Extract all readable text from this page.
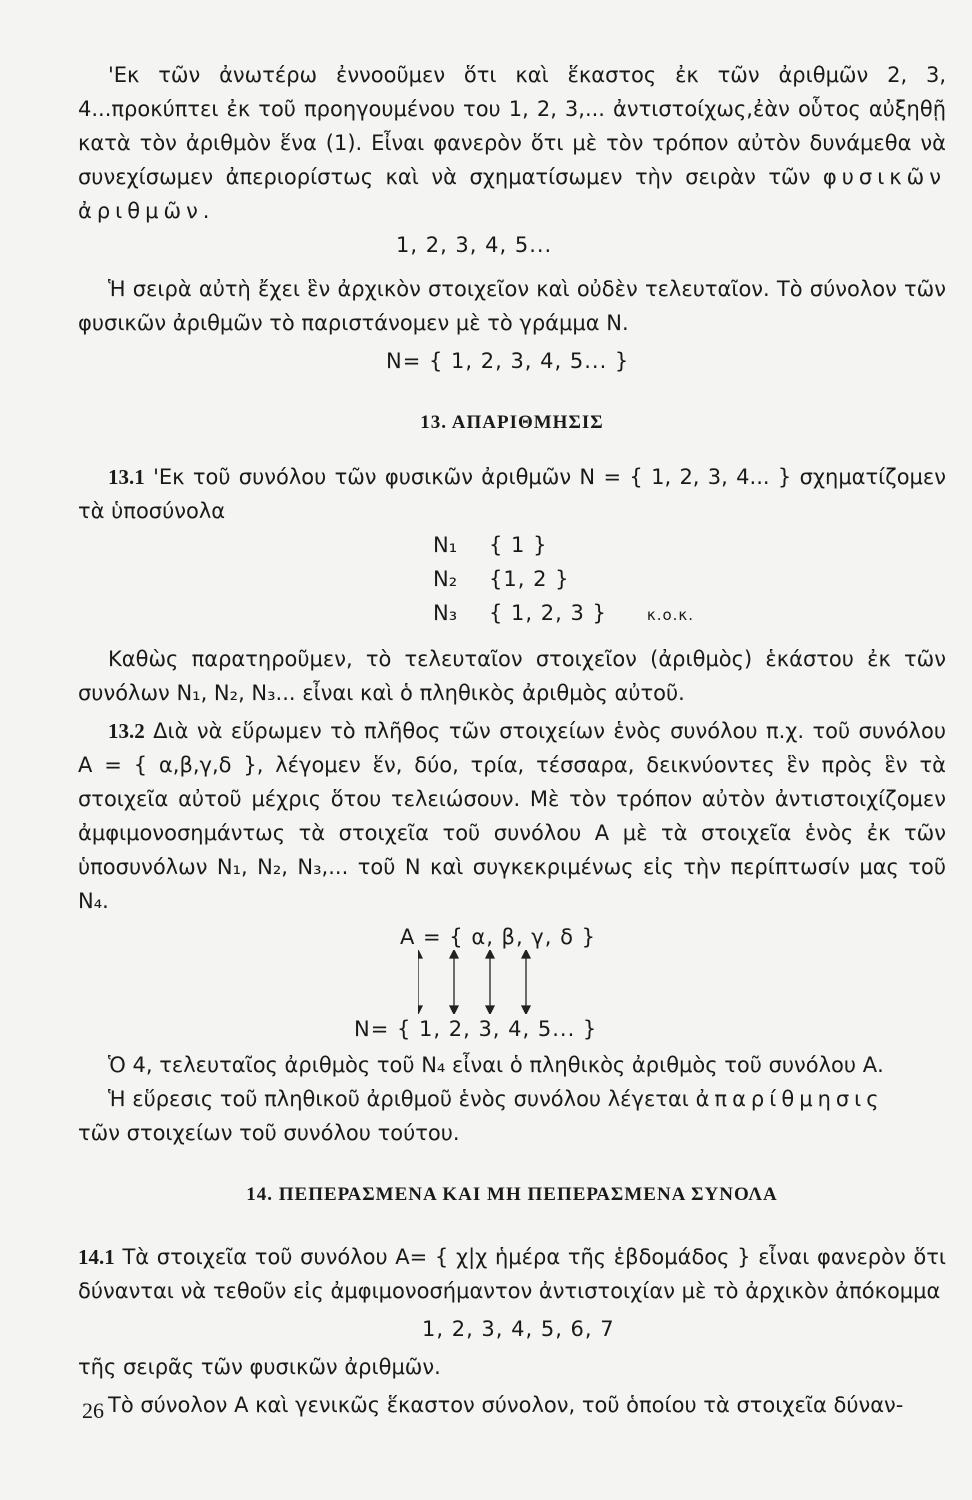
'Εκ τῶν ἀνωτέρω ἐννοοῦμεν ὅτι καὶ ἕκαστος ἐκ τῶν ἀριθμῶν 2, 3, 4...προκύπτει ἐκ τοῦ προηγουμένου του 1, 2, 3,... ἀντιστοίχως,ἐὰν οὗτος αὐξηθῇ κατὰ τὸν ἀριθμὸν ἕνα (1). Εἶναι φανερὸν ὅτι μὲ τὸν τρόπον αὐτὸν δυνάμεθα νὰ συνεχίσωμεν ἀπεριορίστως καὶ νὰ σχηματίσωμεν τὴν σειρὰν τῶν φυσικῶν ἀριθμῶν.

1, 2, 3, 4, 5...

Ἡ σειρὰ αὐτὴ ἔχει ἓν ἀρχικὸν στοιχεῖον καὶ οὐδὲν τελευταῖον. Τὸ σύνολον τῶν φυσικῶν ἀριθμῶν τὸ παριστάνομεν μὲ τὸ γράμμα Ν.

Ν= { 1, 2, 3, 4, 5... }

13. ΑΠΑΡΙΘΜΗΣΙΣ

13.1 'Εκ τοῦ συνόλου τῶν φυσικῶν ἀριθμῶν Ν = { 1, 2, 3, 4... } σχηματίζομεν τὰ ὑποσύνολα

Ν₁	{ 1 }
Ν₂	{1, 2 }
Ν₃	{ 1, 2, 3 }	κ.ο.κ.

Καθὼς παρατηροῦμεν, τὸ τελευταῖον στοιχεῖον (ἀριθμὸς) ἑκάστου ἐκ τῶν συνόλων Ν₁, Ν₂, Ν₃... εἶναι καὶ ὁ πληθικὸς ἀριθμὸς αὐτοῦ.

13.2 Διὰ νὰ εὕρωμεν τὸ πλῆθος τῶν στοιχείων ἑνὸς συνόλου π.χ. τοῦ συνόλου Α = { α,β,γ,δ }, λέγομεν ἕν, δύο, τρία, τέσσαρα, δεικνύοντες ἓν πρὸς ἓν τὰ στοιχεῖα αὐτοῦ μέχρις ὅτου τελειώσουν. Μὲ τὸν τρόπον αὐτὸν ἀντιστοιχίζομεν ἀμφιμονοσημάντως τὰ στοιχεῖα τοῦ συνόλου Α μὲ τὰ στοιχεῖα ἑνὸς ἐκ τῶν ὑποσυνόλων Ν₁, Ν₂, Ν₃,... τοῦ Ν καὶ συγκεκριμένως εἰς τὴν περίπτωσίν μας τοῦ Ν₄.

Α = { α, β, γ, δ }
Ν= { 1, 2, 3, 4, 5... }

Ὁ 4, τελευταῖος ἀριθμὸς τοῦ Ν₄ εἶναι ὁ πληθικὸς ἀριθμὸς τοῦ συνόλου Α.

Ἡ εὕρεσις τοῦ πληθικοῦ ἀριθμοῦ ἑνὸς συνόλου λέγεται ἀπαρίθμησις

τῶν στοιχείων τοῦ συνόλου τούτου.

14. ΠΕΠΕΡΑΣΜΕΝΑ ΚΑΙ ΜΗ ΠΕΠΕΡΑΣΜΕΝΑ ΣΥΝΟΛΑ

14.1 Τὰ στοιχεῖα τοῦ συνόλου Α= { χ|χ ἡμέρα τῆς ἑβδομάδος } εἶναι φανερὸν ὅτι δύνανται νὰ τεθοῦν εἰς ἀμφιμονοσήμαντον ἀντιστοιχίαν μὲ τὸ ἀρχικὸν ἀπόκομμα

1, 2, 3, 4, 5, 6, 7

τῆς σειρᾶς τῶν φυσικῶν ἀριθμῶν.

Τὸ σύνολον Α καὶ γενικῶς ἕκαστον σύνολον, τοῦ ὁποίου τὰ στοιχεῖα δύναν-

26
